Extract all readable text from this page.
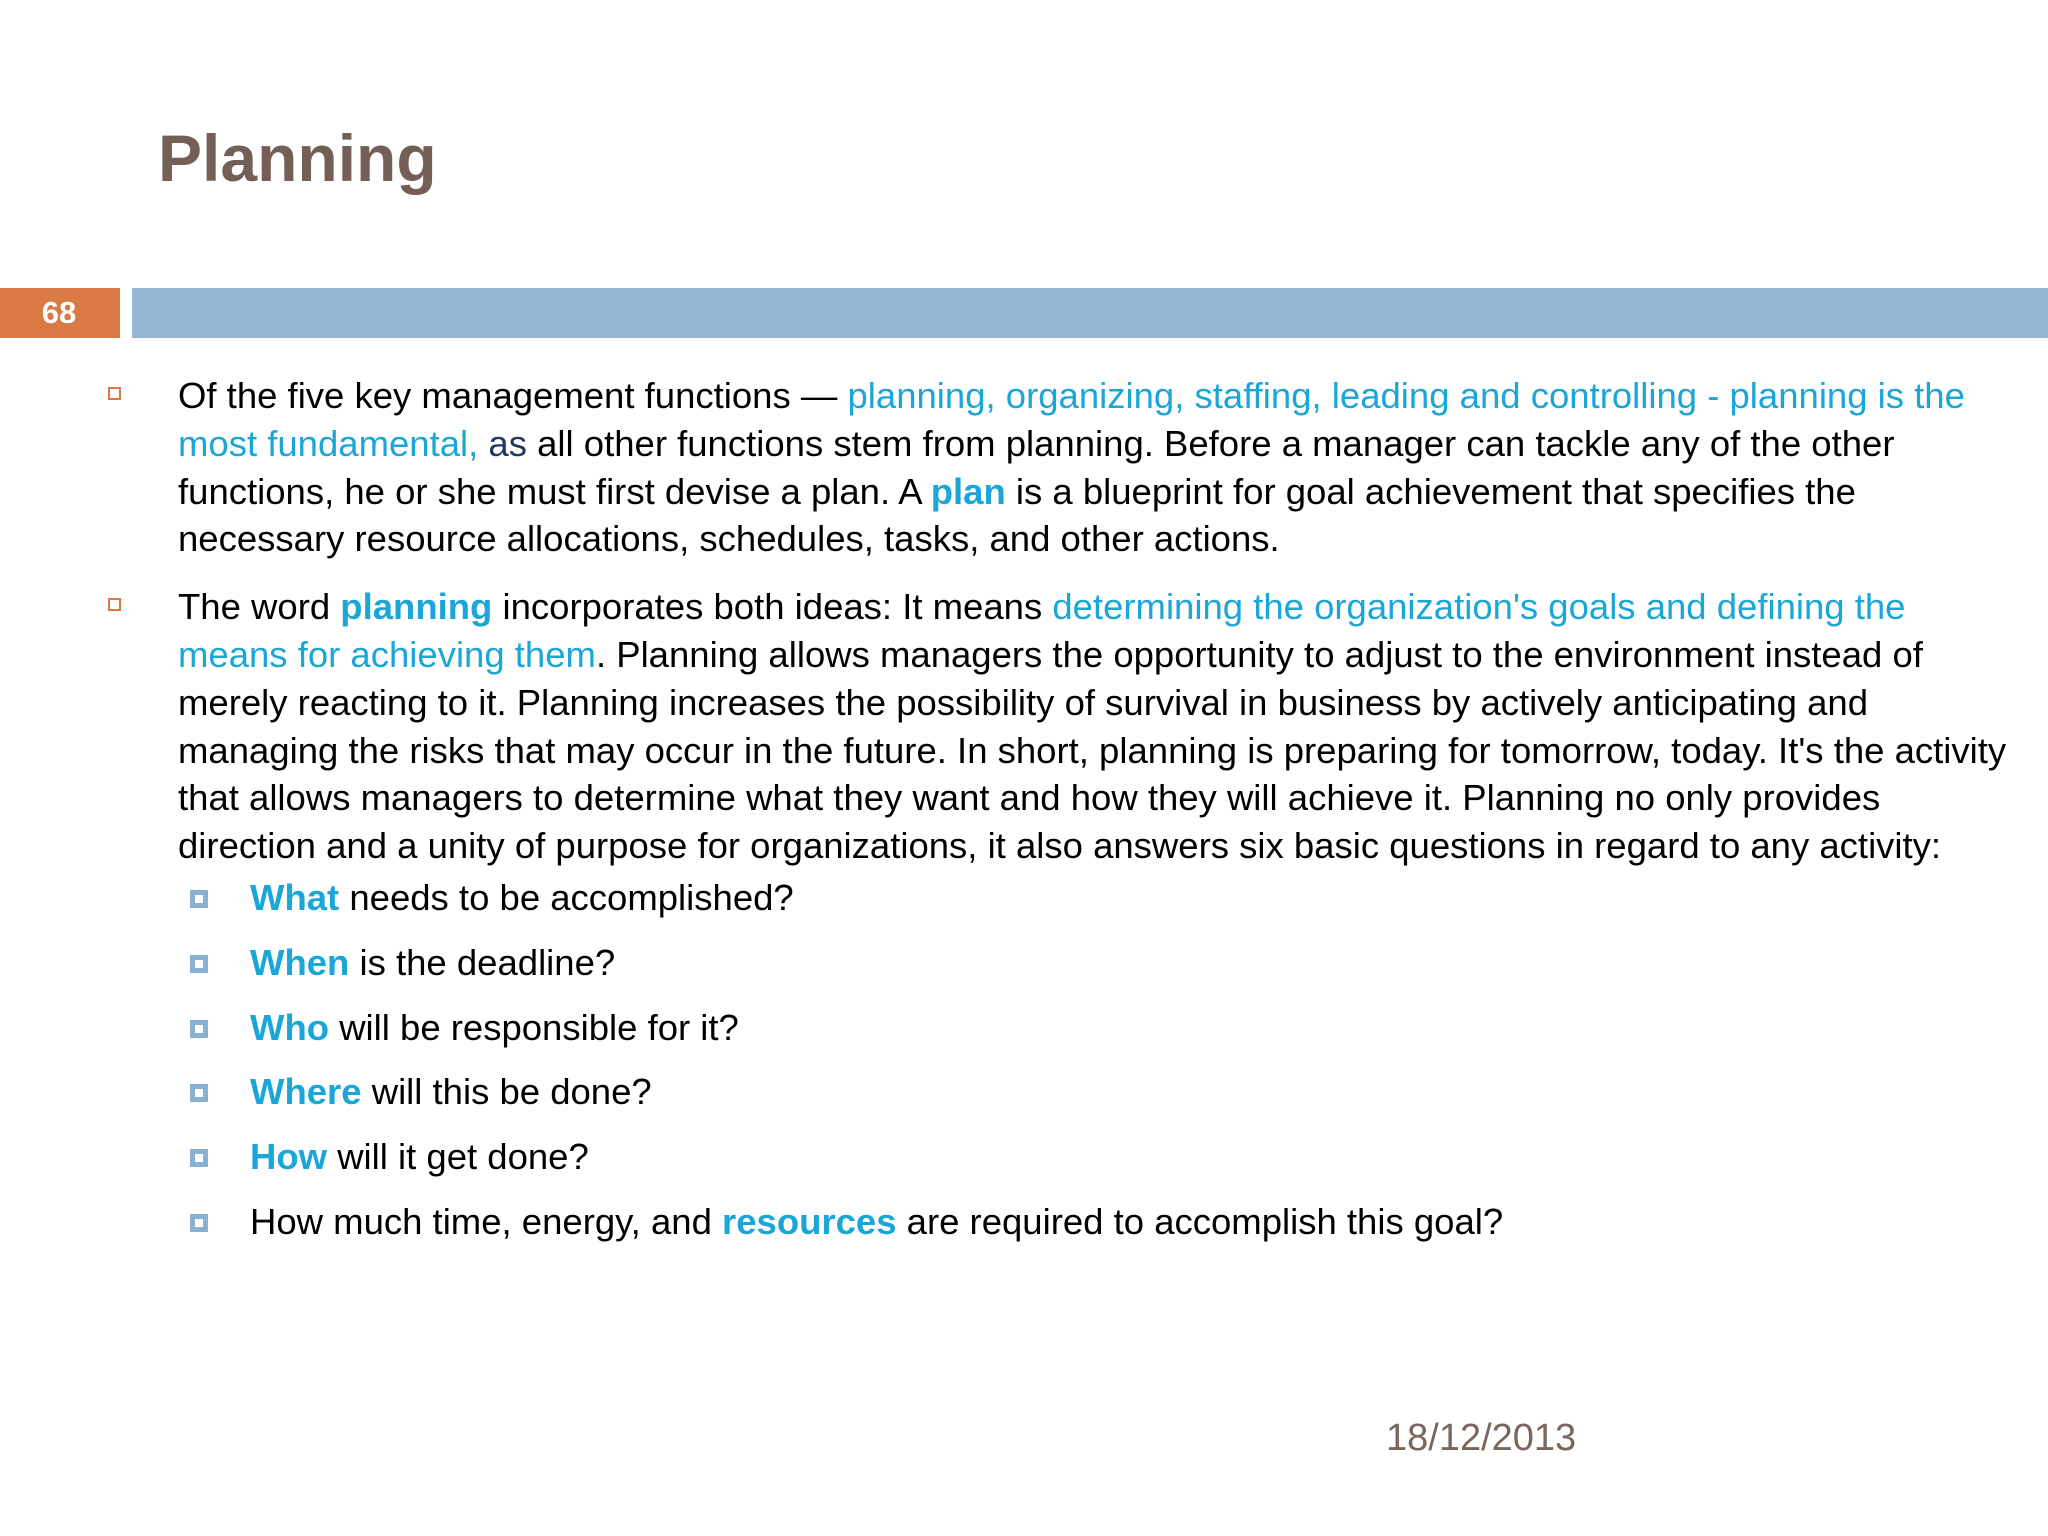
Planning
68

Of the five key management functions — planning, organizing, staffing, leading and controlling - planning is the most fundamental, as all other functions stem from planning. Before a manager can tackle any of the other functions, he or she must first devise a plan. A plan is a blueprint for goal achievement that specifies the necessary resource allocations, schedules, tasks, and other actions.

The word planning incorporates both ideas: It means determining the organization's goals and defining the means for achieving them. Planning allows managers the opportunity to adjust to the environment instead of merely reacting to it. Planning increases the possibility of survival in business by actively anticipating and managing the risks that may occur in the future. In short, planning is preparing for tomorrow, today. It's the activity that allows managers to determine what they want and how they will achieve it. Planning no only provides direction and a unity of purpose for organizations, it also answers six basic questions in regard to any activity:

What needs to be accomplished?
When is the deadline?
Who will be responsible for it?
Where will this be done?
How will it get done?
How much time, energy, and resources are required to accomplish this goal?
18/12/2013
